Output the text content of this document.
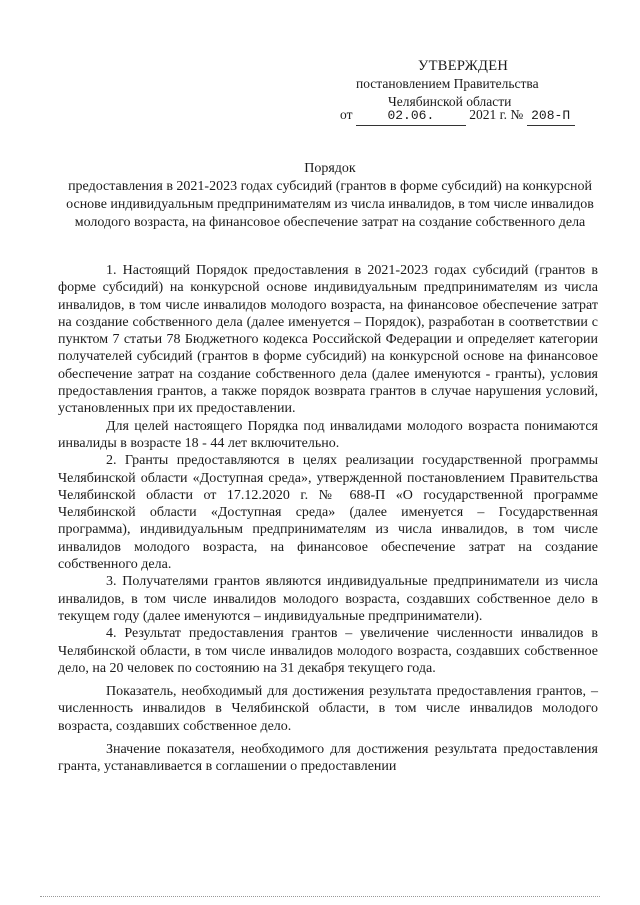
УТВЕРЖДЕН
постановлением Правительства
Челябинской области
от	02.06.	2021 г. № 208-П
Порядок
предоставления в 2021-2023 годах субсидий (грантов в форме субсидий) на конкурсной основе индивидуальным предпринимателям из числа инвалидов, в том числе инвалидов молодого возраста, на финансовое обеспечение затрат на создание собственного дела

1. Настоящий Порядок предоставления в 2021-2023 годах субсидий (грантов в форме субсидий) на конкурсной основе индивидуальным предпринимателям из числа инвалидов, в том числе инвалидов молодого возраста, на финансовое обеспечение затрат на создание собственного дела (далее именуется – Порядок), разработан в соответствии с пунктом 7 статьи 78 Бюджетного кодекса Российской Федерации и определяет категории получателей субсидий (грантов в форме субсидий) на конкурсной основе на финансовое обеспечение затрат на создание собственного дела (далее именуются - гранты), условия предоставления грантов, а также порядок возврата грантов в случае нарушения условий, установленных при их предоставлении.

Для целей настоящего Порядка под инвалидами молодого возраста понимаются инвалиды в возрасте 18 - 44 лет включительно.

2. Гранты предоставляются в целях реализации государственной программы Челябинской области «Доступная среда», утвержденной постановлением Правительства Челябинской области от 17.12.2020 г. № 688-П «О государственной программе Челябинской области «Доступная среда» (далее именуется – Государственная программа), индивидуальным предпринимателям из числа инвалидов, в том числе инвалидов молодого возраста, на финансовое обеспечение затрат на создание собственного дела.

3. Получателями грантов являются индивидуальные предприниматели из числа инвалидов, в том числе инвалидов молодого возраста, создавших собственное дело в текущем году (далее именуются – индивидуальные предприниматели).

4. Результат предоставления грантов – увеличение численности инвалидов в Челябинской области, в том числе инвалидов молодого возраста, создавших собственное дело, на 20 человек по состоянию на 31 декабря текущего года.

Показатель, необходимый для достижения результата предоставления грантов, – численность инвалидов в Челябинской области, в том числе инвалидов молодого возраста, создавших собственное дело.

Значение показателя, необходимого для достижения результата предоставления гранта, устанавливается в соглашении о предоставлении
